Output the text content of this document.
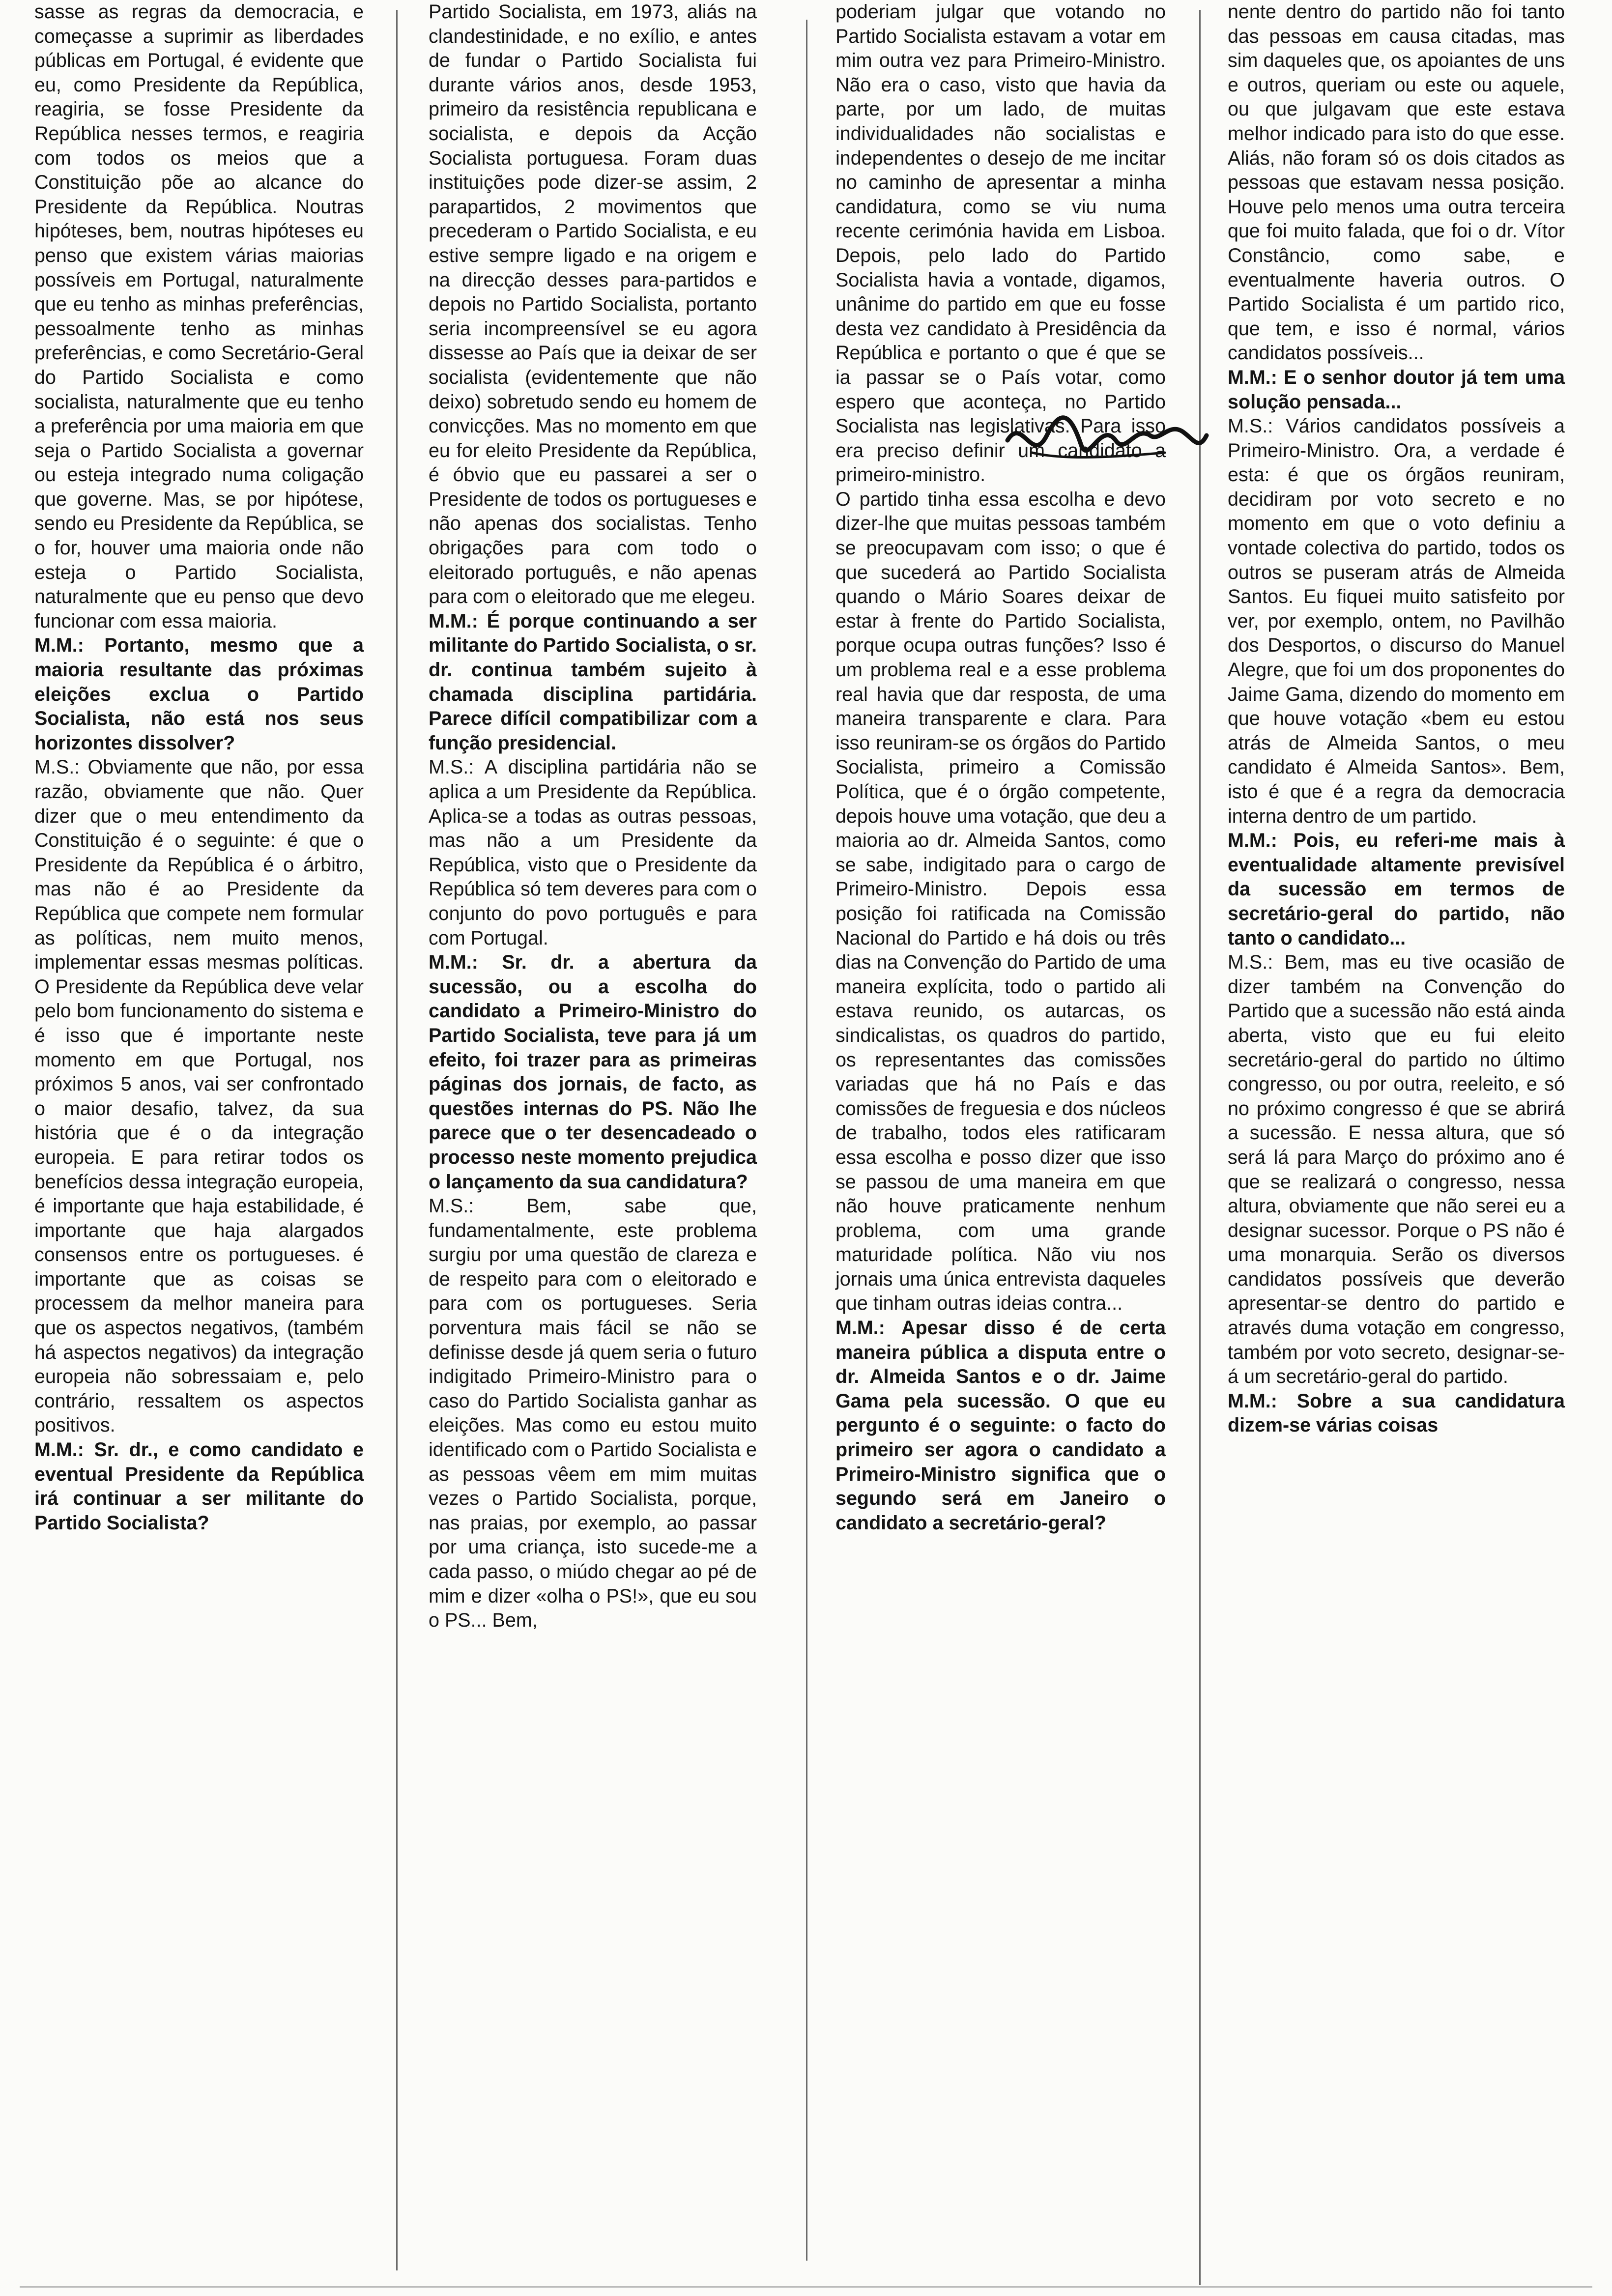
sasse as regras da democracia, e começasse a suprimir as liberdades públicas em Portugal, é evidente que eu, como Presidente da República, reagiria, se fosse Presidente da República nesses termos, e reagiria com todos os meios que a Constituição põe ao alcance do Presidente da República. Noutras hipóteses, bem, noutras hipóteses eu penso que existem várias maiorias possíveis em Portugal, naturalmente que eu tenho as minhas preferências, pessoalmente tenho as minhas preferências, e como Secretário-Geral do Partido Socialista e como socialista, naturalmente que eu tenho a preferência por uma maioria em que seja o Partido Socialista a governar ou esteja integrado numa coligação que governe. Mas, se por hipótese, sendo eu Presidente da República, se o for, houver uma maioria onde não esteja o Partido Socialista, naturalmente que eu penso que devo funcionar com essa maioria.

M.M.: Portanto, mesmo que a maioria resultante das próximas eleições exclua o Partido Socialista, não está nos seus horizontes dissolver?

M.S.: Obviamente que não, por essa razão, obviamente que não. Quer dizer que o meu entendimento da Constituição é o seguinte: é que o Presidente da República é o árbitro, mas não é ao Presidente da República que compete nem formular as políticas, nem muito menos, implementar essas mesmas políticas. O Presidente da República deve velar pelo bom funcionamento do sistema e é isso que é importante neste momento em que Portugal, nos próximos 5 anos, vai ser confrontado o maior desafio, talvez, da sua história que é o da integração europeia. E para retirar todos os benefícios dessa integração europeia, é importante que haja estabilidade, é importante que haja alargados consensos entre os portugueses. é importante que as coisas se processem da melhor maneira para que os aspectos negativos, (também há aspectos negativos) da integração europeia não sobressaiam e, pelo contrário, ressaltem os aspectos positivos.

M.M.: Sr. dr., e como candidato e eventual Presidente da República irá continuar a ser militante do Partido Socialista?

Partido Socialista, em 1973, aliás na clandestinidade, e no exílio, e antes de fundar o Partido Socialista fui durante vários anos, desde 1953, primeiro da resistência republicana e socialista, e depois da Acção Socialista portuguesa. Foram duas instituições pode dizer-se assim, 2 parapartidos, 2 movimentos que precederam o Partido Socialista, e eu estive sempre ligado e na origem e na direcção desses para-partidos e depois no Partido Socialista, portanto seria incompreensível se eu agora dissesse ao País que ia deixar de ser socialista (evidentemente que não deixo) sobretudo sendo eu homem de convicções. Mas no momento em que eu for eleito Presidente da República, é óbvio que eu passarei a ser o Presidente de todos os portugueses e não apenas dos socialistas. Tenho obrigações para com todo o eleitorado português, e não apenas para com o eleitorado que me elegeu.

M.M.: É porque continuando a ser militante do Partido Socialista, o sr. dr. continua também sujeito à chamada disciplina partidária. Parece difícil compatibilizar com a função presidencial.

M.S.: A disciplina partidária não se aplica a um Presidente da República. Aplica-se a todas as outras pessoas, mas não a um Presidente da República, visto que o Presidente da República só tem deveres para com o conjunto do povo português e para com Portugal.

M.M.: Sr. dr. a abertura da sucessão, ou a escolha do candidato a Primeiro-Ministro do Partido Socialista, teve para já um efeito, foi trazer para as primeiras páginas dos jornais, de facto, as questões internas do PS. Não lhe parece que o ter desencadeado o processo neste momento prejudica o lançamento da sua candidatura?

M.S.: Bem, sabe que, fundamentalmente, este problema surgiu por uma questão de clareza e de respeito para com o eleitorado e para com os portugueses. Seria porventura mais fácil se não se definisse desde já quem seria o futuro indigitado Primeiro-Ministro para o caso do Partido Socialista ganhar as eleições. Mas como eu estou muito identificado com o Partido Socialista e as pessoas vêem em mim muitas vezes o Partido Socialista, porque, nas praias, por exemplo, ao passar por uma criança, isto sucede-me a cada passo, o miúdo chegar ao pé de mim e dizer «olha o PS!», que eu sou o PS... Bem,

poderiam julgar que votando no Partido Socialista estavam a votar em mim outra vez para Primeiro-Ministro. Não era o caso, visto que havia da parte, por um lado, de muitas individualidades não socialistas e independentes o desejo de me incitar no caminho de apresentar a minha candidatura, como se viu numa recente cerimónia havida em Lisboa. Depois, pelo lado do Partido Socialista havia a vontade, digamos, unânime do partido em que eu fosse desta vez candidato à Presidência da República e portanto o que é que se ia passar se o País votar, como espero que aconteça, no Partido Socialista nas legislativas. Para isso era preciso definir um candidato a primeiro-ministro.

O partido tinha essa escolha e devo dizer-lhe que muitas pessoas também se preocupavam com isso; o que é que sucederá ao Partido Socialista quando o Mário Soares deixar de estar à frente do Partido Socialista, porque ocupa outras funções? Isso é um problema real e a esse problema real havia que dar resposta, de uma maneira transparente e clara. Para isso reuniram-se os órgãos do Partido Socialista, primeiro a Comissão Política, que é o órgão competente, depois houve uma votação, que deu a maioria ao dr. Almeida Santos, como se sabe, indigitado para o cargo de Primeiro-Ministro. Depois essa posição foi ratificada na Comissão Nacional do Partido e há dois ou três dias na Convenção do Partido de uma maneira explícita, todo o partido ali estava reunido, os autarcas, os sindicalistas, os quadros do partido, os representantes das comissões variadas que há no País e das comissões de freguesia e dos núcleos de trabalho, todos eles ratificaram essa escolha e posso dizer que isso se passou de uma maneira em que não houve praticamente nenhum problema, com uma grande maturidade política. Não viu nos jornais uma única entrevista daqueles que tinham outras ideias contra...

M.M.: Apesar disso é de certa maneira pública a disputa entre o dr. Almeida Santos e o dr. Jaime Gama pela sucessão. O que eu pergunto é o seguinte: o facto do primeiro ser agora o candidato a Primeiro-Ministro significa que o segundo será em Janeiro o candidato a secretário-geral?

nente dentro do partido não foi tanto das pessoas em causa citadas, mas sim daqueles que, os apoiantes de uns e outros, queriam ou este ou aquele, ou que julgavam que este estava melhor indicado para isto do que esse. Aliás, não foram só os dois citados as pessoas que estavam nessa posição. Houve pelo menos uma outra terceira que foi muito falada, que foi o dr. Vítor Constâncio, como sabe, e eventualmente haveria outros. O Partido Socialista é um partido rico, que tem, e isso é normal, vários candidatos possíveis...

M.M.: E o senhor doutor já tem uma solução pensada...

M.S.: Vários candidatos possíveis a Primeiro-Ministro. Ora, a verdade é esta: é que os órgãos reuniram, decidiram por voto secreto e no momento em que o voto definiu a vontade colectiva do partido, todos os outros se puseram atrás de Almeida Santos. Eu fiquei muito satisfeito por ver, por exemplo, ontem, no Pavilhão dos Desportos, o discurso do Manuel Alegre, que foi um dos proponentes do Jaime Gama, dizendo do momento em que houve votação «bem eu estou atrás de Almeida Santos, o meu candidato é Almeida Santos». Bem, isto é que é a regra da democracia interna dentro de um partido.

M.M.: Pois, eu referi-me mais à eventualidade altamente previsível da sucessão em termos de secretário-geral do partido, não tanto o candidato...

M.S.: Bem, mas eu tive ocasião de dizer também na Convenção do Partido que a sucessão não está ainda aberta, visto que eu fui eleito secretário-geral do partido no último congresso, ou por outra, reeleito, e só no próximo congresso é que se abrirá a sucessão. E nessa altura, que só será lá para Março do próximo ano é que se realizará o congresso, nessa altura, obviamente que não serei eu a designar sucessor. Porque o PS não é uma monarquia. Serão os diversos candidatos possíveis que deverão apresentar-se dentro do partido e através duma votação em congresso, também por voto secreto, designar-se-á um secretário-geral do partido.

M.M.: Sobre a sua candidatura dizem-se várias coisas
